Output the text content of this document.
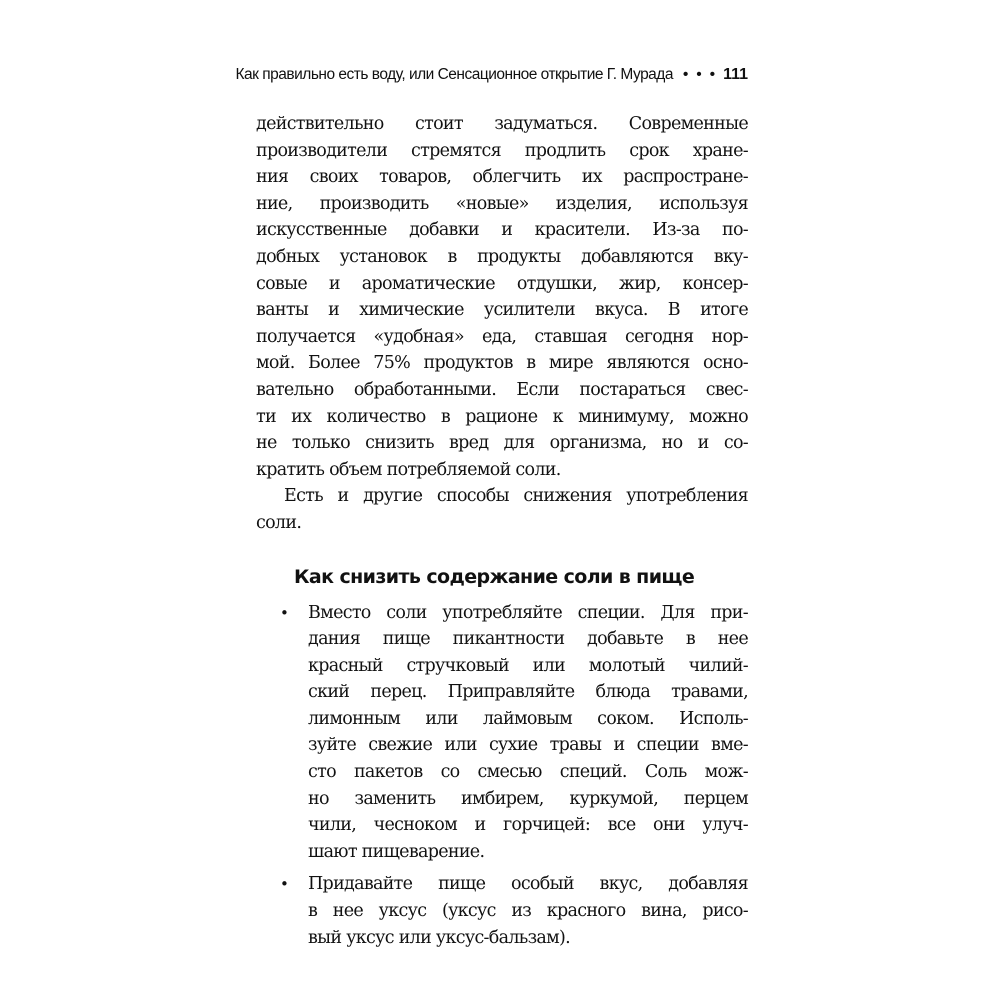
Как правильно есть воду, или Сенсационное открытие Г. Мурада • • • 111
действительно стоит задуматься. Современные
производители стремятся продлить срок хране-
ния своих товаров, облегчить их распростране-
ние, производить «новые» изделия, используя
искусственные добавки и красители. Из-за по-
добных установок в продукты добавляются вку-
совые и ароматические отдушки, жир, консер-
ванты и химические усилители вкуса. В итоге
получается «удобная» еда, ставшая сегодня нор-
мой. Более 75% продуктов в мире являются осно-
вательно обработанными. Если постараться свес-
ти их количество в рационе к минимуму, можно
не только снизить вред для организма, но и со-
кратить объем потребляемой соли.
Есть и другие способы снижения употребления
соли.
Как снизить содержание соли в пище
• Вместо соли употребляйте специи. Для при-
дания пище пикантности добавьте в нее
красный стручковый или молотый чилий-
ский перец. Приправляйте блюда травами,
лимонным или лаймовым соком. Исполь-
зуйте свежие или сухие травы и специи вме-
сто пакетов со смесью специй. Соль мож-
но заменить имбирем, куркумой, перцем
чили, чесноком и горчицей: все они улуч-
шают пищеварение.
• Придавайте пище особый вкус, добавляя
в нее уксус (уксус из красного вина, рисо-
вый уксус или уксус-бальзам).
